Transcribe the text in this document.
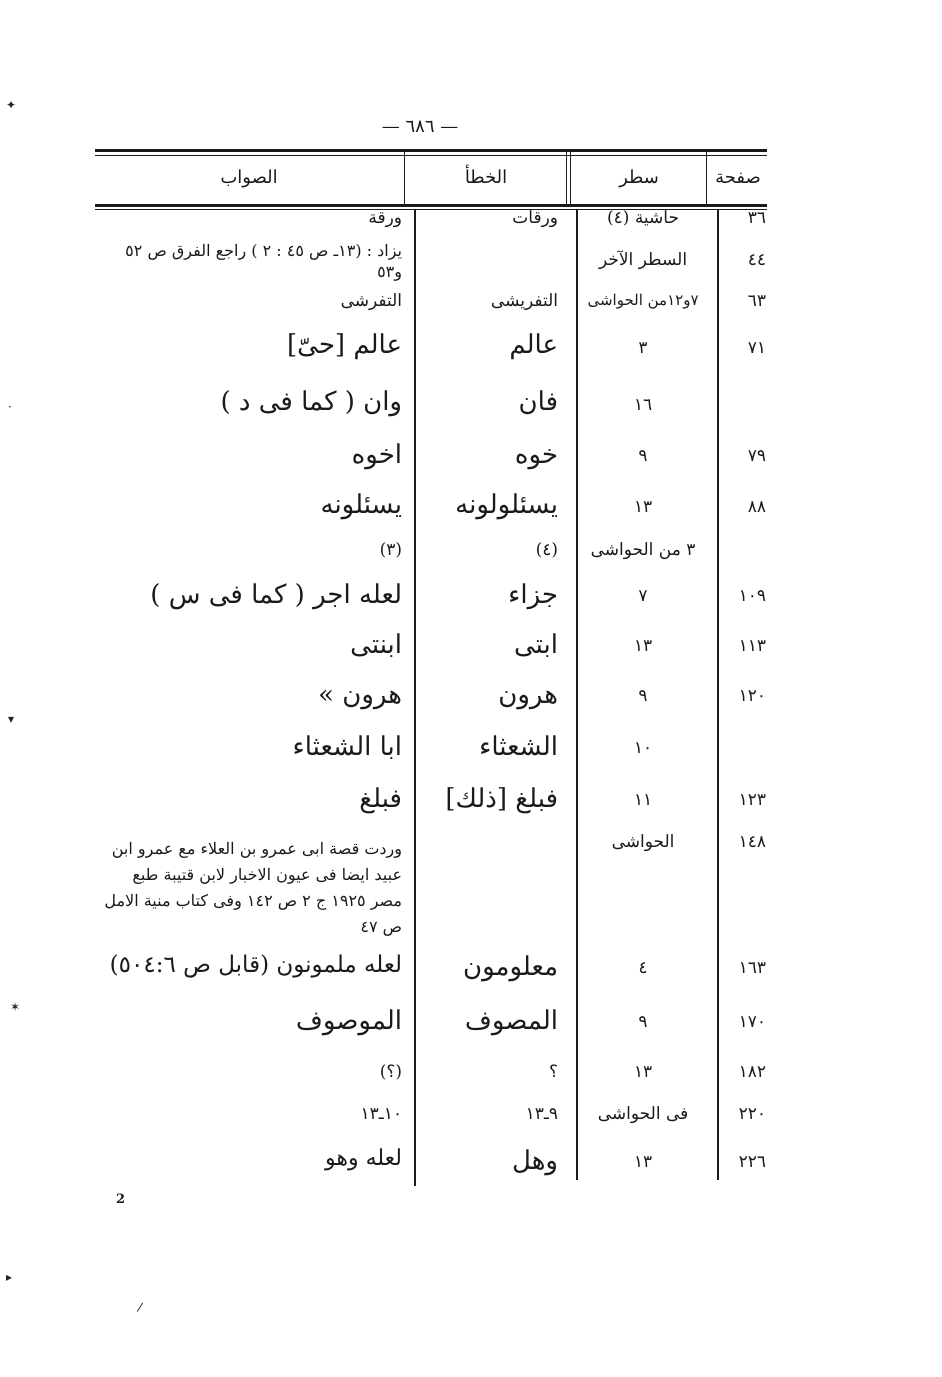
— ٦٨٦ —
صفحة
سطر
الخطأ
الصواب
٣٦
حاشية (٤)
ورقات
ورقة
٤٤
السطر الآخر
يزاد : (١٣ـ ص ٤٥ : ٢ ) راجع الفرق ص ٥٢ و٥٣
٦٣
٧و١٢من الحواشى
التفريشى
التفرشى
٧١
٣
عالم
عالم [حىّ]
١٦
فان
وان ( كما فى د )
٧٩
٩
خوه
اخوه
٨٨
١٣
يسئلولونه
يسئلونه
٣ من الحواشى
(٤)
(٣)
١٠٩
٧
جزاء
لعله اجر ( كما فى س )
١١٣
١٣
ابتى
ابنتى
١٢٠
٩
هرون
هرون »
١٠
الشعثاء
ابا الشعثاء
١٢٣
١١
فبلغ [ذلك]
فبلغ
١٤٨
الحواشى
وردت قصة ابى عمرو بن العلاء مع عمرو ابن عبيد ايضا فى عيون الاخبار لابن قتيبة طبع مصر ١٩٢٥ ج ٢ ص ١٤٢ وفى كتاب منية الامل ص ٤٧
١٦٣
٤
معلومون
لعله ملمونون (قابل ص ٥٠٤:٦)
١٧٠
٩
المصوف
الموصوف
١٨٢
١٣
؟
(؟)
٢٢٠
فى الحواشى
٩ـ١٣
١٠ـ١٣
٢٢٦
١٣
وهل
لعله وهو
2
✦
·
▾
✶
▸
/
